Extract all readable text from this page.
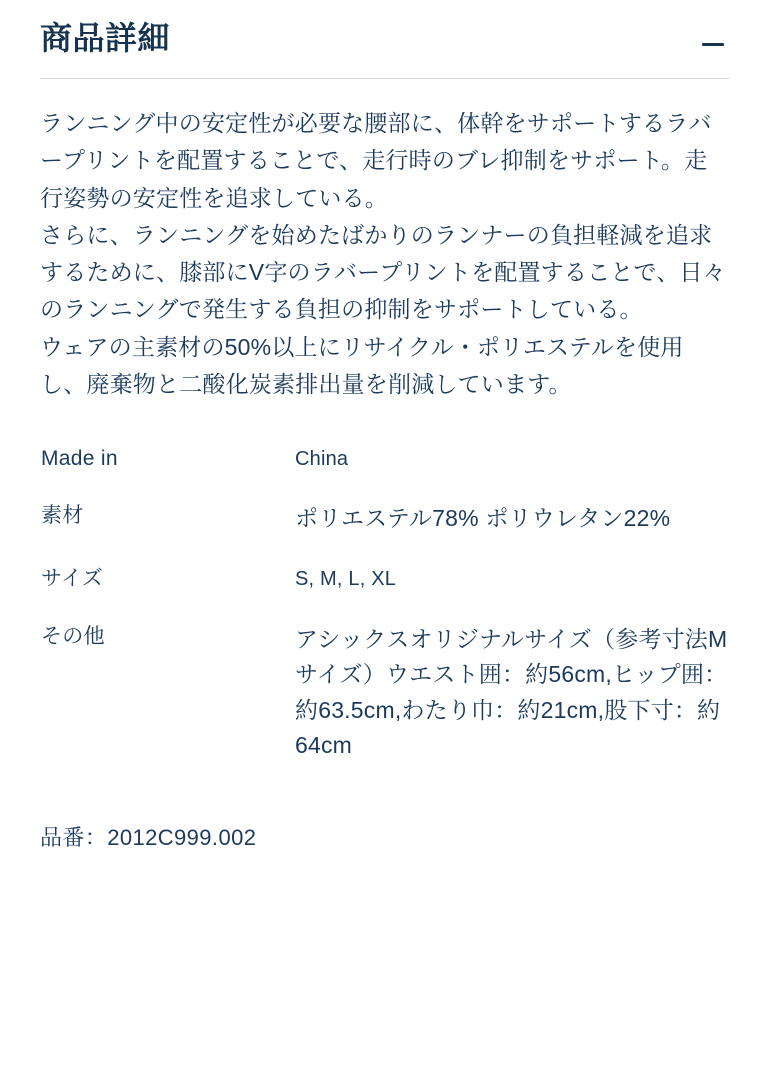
商品詳細

ランニング中の安定性が必要な腰部に、体幹をサポートするラバープリントを配置することで、走行時のブレ抑制をサポート。走行姿勢の安定性を追求している。

さらに、ランニングを始めたばかりのランナーの負担軽減を追求するために、膝部にV字のラバープリントを配置することで、日々のランニングで発生する負担の抑制をサポートしている。

ウェアの主素材の50%以上にリサイクル・ポリエステルを使用し、廃棄物と二酸化炭素排出量を削減しています。

Made in	China
素材	ポリエステル78% ポリウレタン22%
サイズ	S, M, L, XL
その他	アシックスオリジナルサイズ（参考寸法Mサイズ）ウエスト囲：約56cm,ヒップ囲：約63.5cm,わたり巾：約21cm,股下寸：約64cm
品番：2012C999.002
